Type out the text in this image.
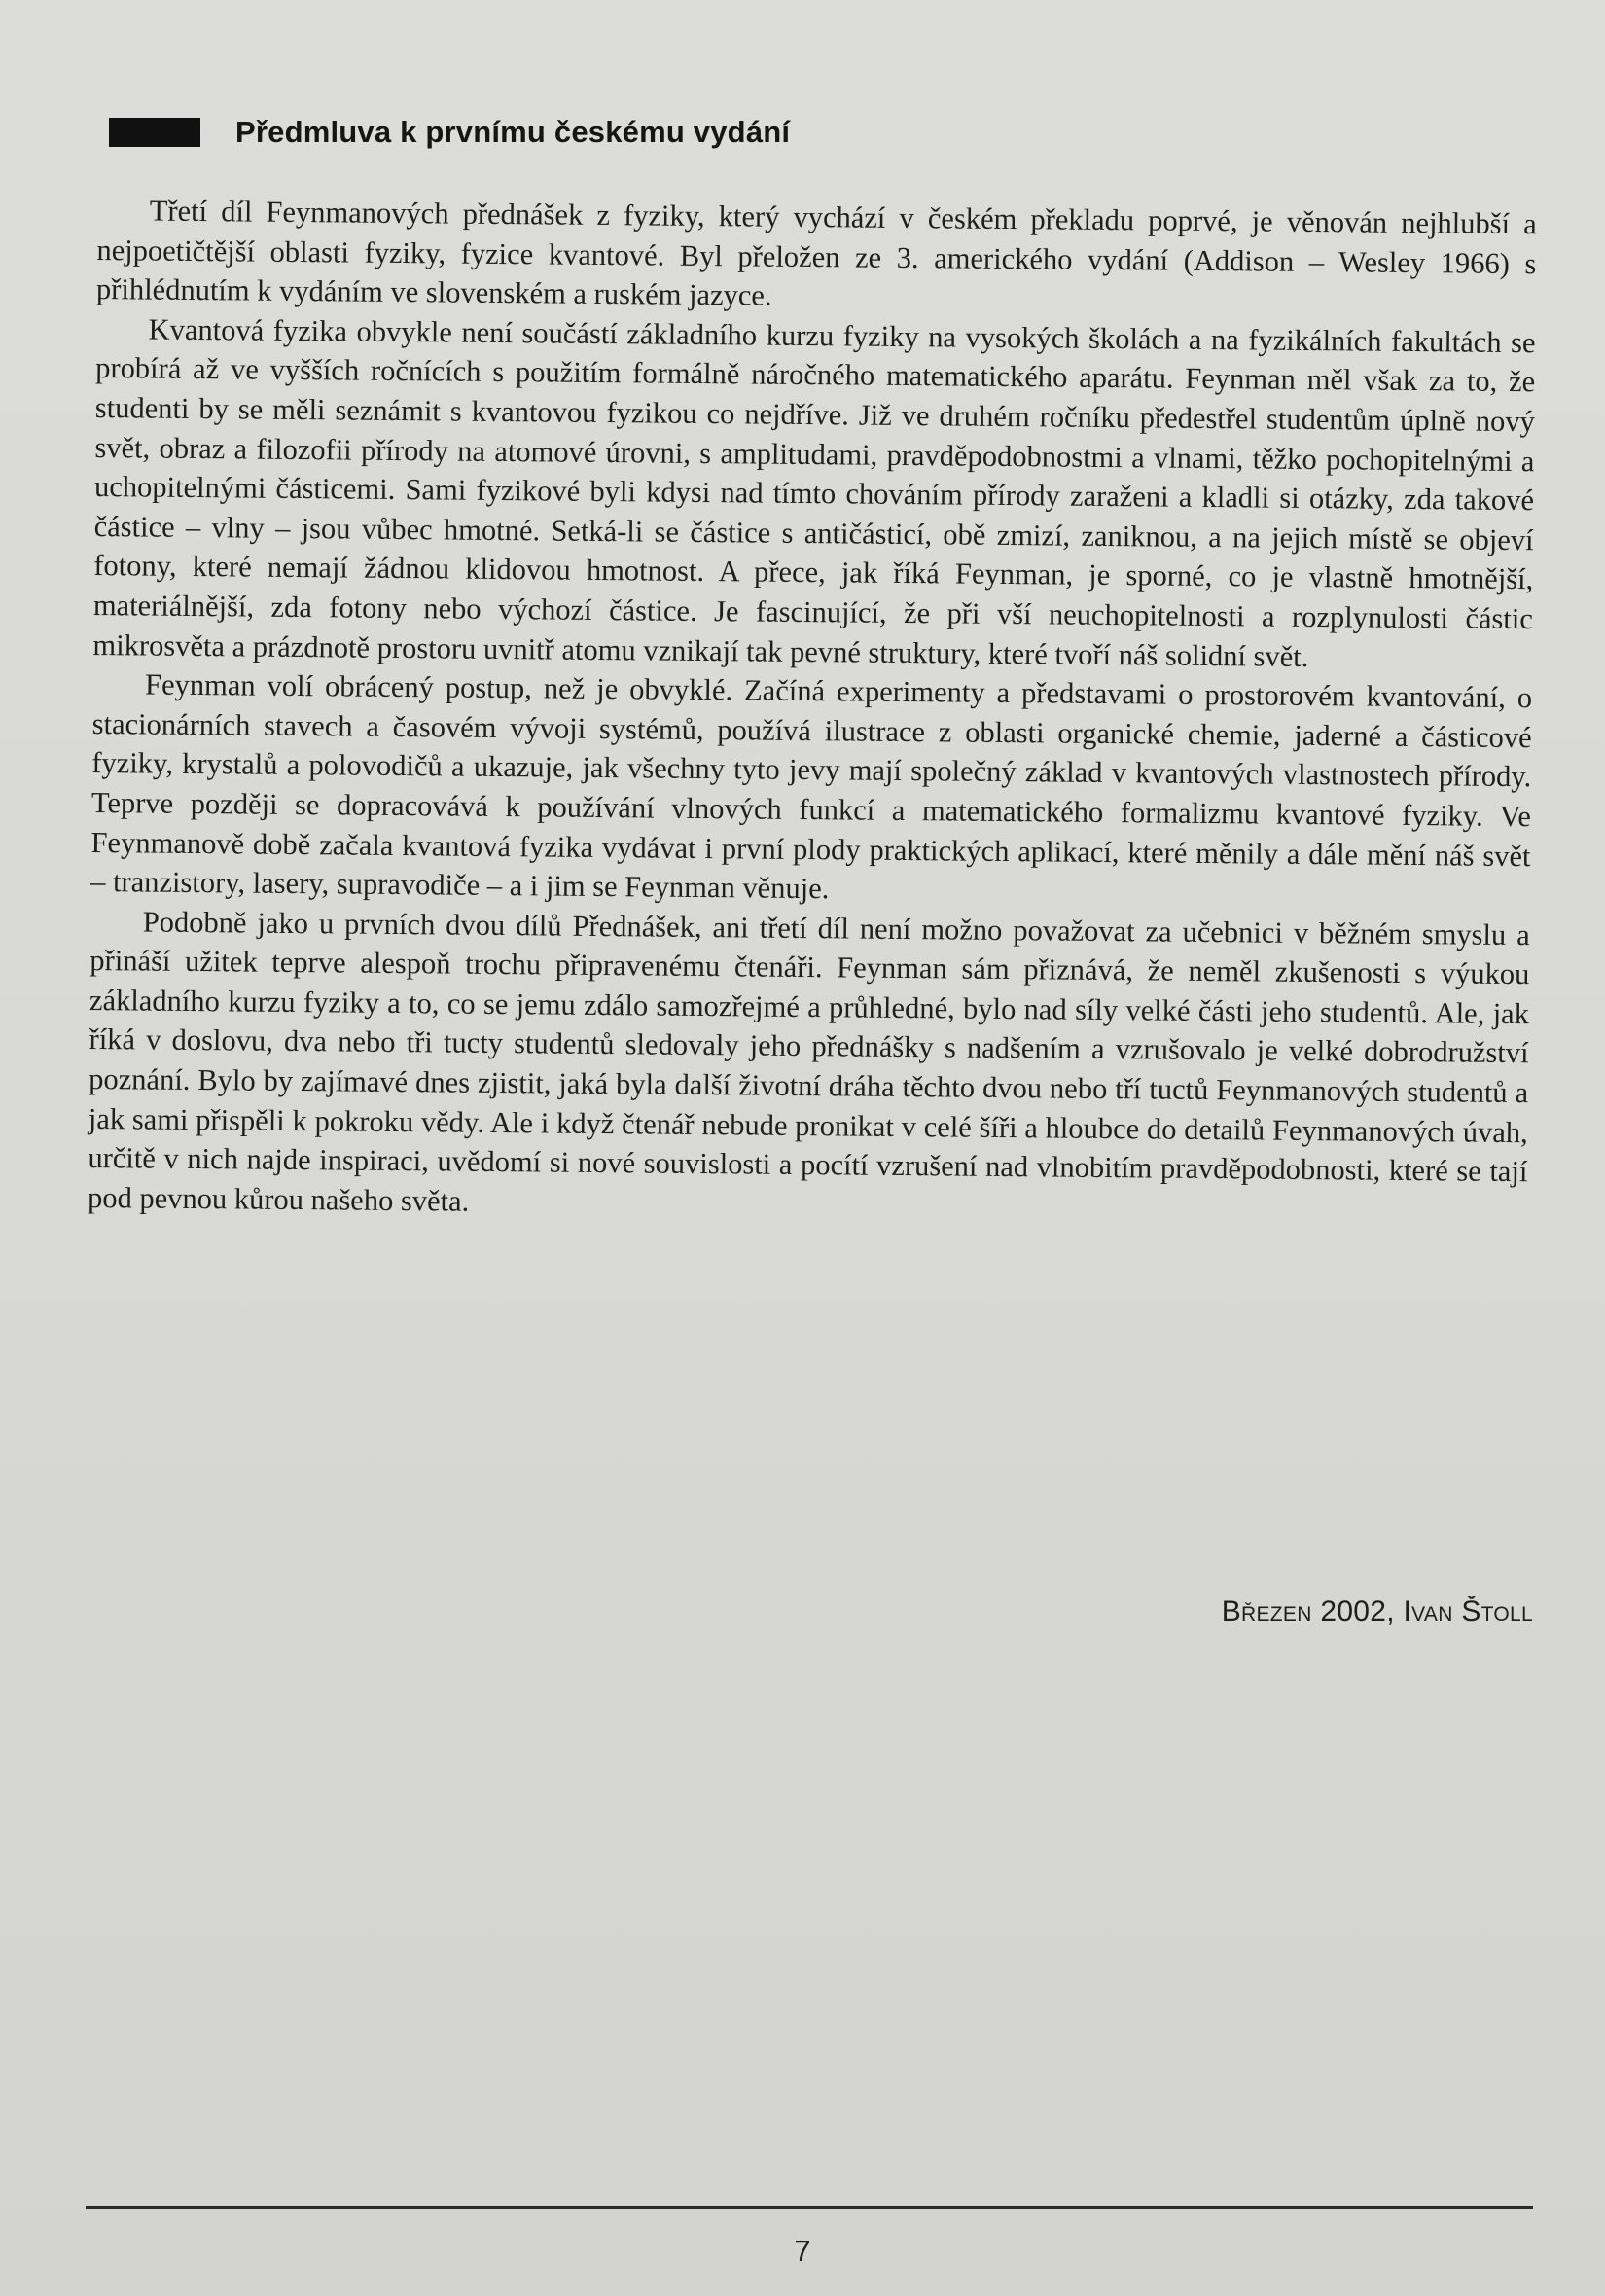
Předmluva k prvnímu českému vydání

Třetí díl Feynmanových přednášek z fyziky, který vychází v českém překladu poprvé, je věnován nejhlubší a nejpoetičtější oblasti fyziky, fyzice kvantové. Byl přeložen ze 3. amerického vydání (Addison – Wesley 1966) s přihlédnutím k vydáním ve slovenském a ruském jazyce.

Kvantová fyzika obvykle není součástí základního kurzu fyziky na vysokých školách a na fyzikálních fakultách se probírá až ve vyšších ročnících s použitím formálně náročného matematického aparátu. Feynman měl však za to, že studenti by se měli seznámit s kvantovou fyzikou co nejdříve. Již ve druhém ročníku předestřel studentům úplně nový svět, obraz a filozofii přírody na atomové úrovni, s amplitudami, pravděpodobnostmi a vlnami, těžko pochopitelnými a uchopitelnými částicemi. Sami fyzikové byli kdysi nad tímto chováním přírody zaraženi a kladli si otázky, zda takové částice – vlny – jsou vůbec hmotné. Setká-li se částice s antičásticí, obě zmizí, zaniknou, a na jejich místě se objeví fotony, které nemají žádnou klidovou hmotnost. A přece, jak říká Feynman, je sporné, co je vlastně hmotnější, materiálnější, zda fotony nebo výchozí částice. Je fascinující, že při vší neuchopitelnosti a rozplynulosti částic mikrosvěta a prázdnotě prostoru uvnitř atomu vznikají tak pevné struktury, které tvoří náš solidní svět.

Feynman volí obrácený postup, než je obvyklé. Začíná experimenty a představami o prostorovém kvantování, o stacionárních stavech a časovém vývoji systémů, používá ilustrace z oblasti organické chemie, jaderné a částicové fyziky, krystalů a polovodičů a ukazuje, jak všechny tyto jevy mají společný základ v kvantových vlastnostech přírody. Teprve později se dopracovává k používání vlnových funkcí a matematického formalizmu kvantové fyziky. Ve Feynmanově době začala kvantová fyzika vydávat i první plody praktických aplikací, které měnily a dále mění náš svět – tranzistory, lasery, supravodiče – a i jim se Feynman věnuje.

Podobně jako u prvních dvou dílů Přednášek, ani třetí díl není možno považovat za učebnici v běžném smyslu a přináší užitek teprve alespoň trochu připravenému čtenáři. Feynman sám přiznává, že neměl zkušenosti s výukou základního kurzu fyziky a to, co se jemu zdálo samozřejmé a průhledné, bylo nad síly velké části jeho studentů. Ale, jak říká v doslovu, dva nebo tři tucty studentů sledovaly jeho přednášky s nadšením a vzrušovalo je velké dobrodružství poznání. Bylo by zajímavé dnes zjistit, jaká byla další životní dráha těchto dvou nebo tří tuctů Feynmanových studentů a jak sami přispěli k pokroku vědy. Ale i když čtenář nebude pronikat v celé šíři a hloubce do detailů Feynmanových úvah, určitě v nich najde inspiraci, uvědomí si nové souvislosti a pocítí vzrušení nad vlnobitím pravděpodobnosti, které se tají pod pevnou kůrou našeho světa.

Březen 2002, Ivan Štoll
7
